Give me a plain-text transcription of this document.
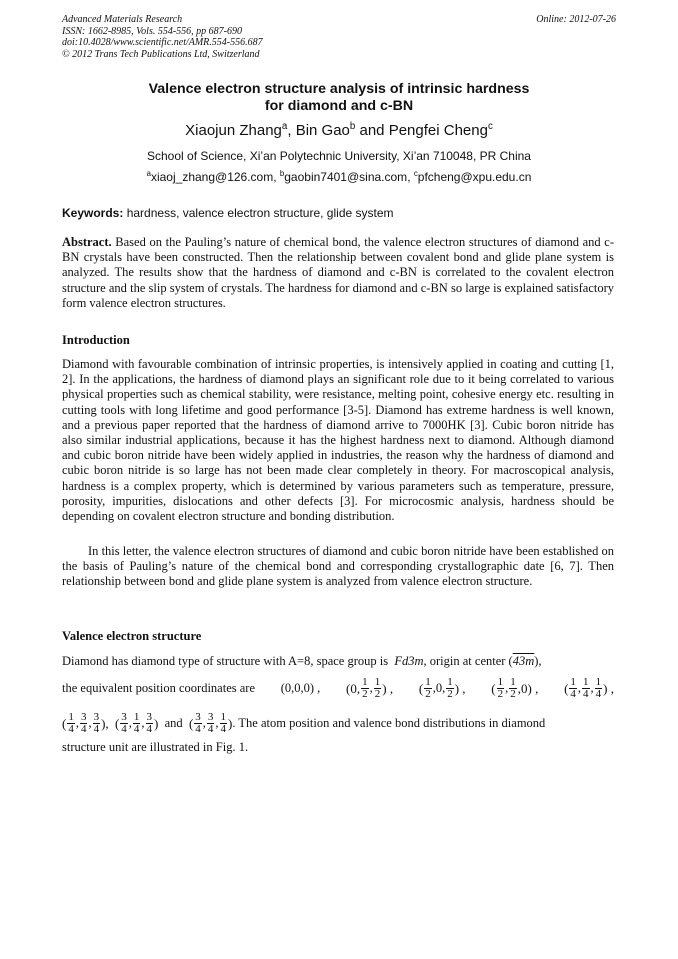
Advanced Materials Research
ISSN: 1662-8985, Vols. 554-556, pp 687-690
doi:10.4028/www.scientific.net/AMR.554-556.687
© 2012 Trans Tech Publications Ltd, Switzerland
Online: 2012-07-26
Valence electron structure analysis of intrinsic hardness
for diamond and c-BN
Xiaojun Zhang$^a$, Bin Gao$^b$ and Pengfei Cheng$^c$
School of Science, Xi’an Polytechnic University, Xi’an 710048, PR China
$^a$xiaoj_zhang@126.com, $^b$gaobin7401@sina.com, $^c$pfcheng@xpu.edu.cn
Keywords: hardness, valence electron structure, glide system

Abstract. Based on the Pauling’s nature of chemical bond, the valence electron structures of diamond and c-BN crystals have been constructed. Then the relationship between covalent bond and glide plane system is analyzed. The results show that the hardness of diamond and c-BN is correlated to the covalent electron structure and the slip system of crystals. The hardness for diamond and c-BN so large is explained satisfactory form valence electron structures.

Introduction

Diamond with favourable combination of intrinsic properties, is intensively applied in coating and cutting [1, 2]. In the applications, the hardness of diamond plays an significant role due to it being correlated to various physical properties such as chemical stability, were resistance, melting point, cohesive energy etc. resulting in cutting tools with long lifetime and good performance [3-5]. Diamond has extreme hardness is well known, and a previous paper reported that the hardness of diamond arrive to 7000HK [3]. Cubic boron nitride has also similar industrial applications, because it has the highest hardness next to diamond. Although diamond and cubic boron nitride have been widely applied in industries, the reason why the hardness of diamond and cubic boron nitride is so large has not been made clear completely in theory. For macroscopical analysis, hardness is a complex property, which is determined by various parameters such as temperature, pressure, porosity, impurities, dislocations and other defects [3]. For microcosmic analysis, hardness should be depending on covalent electron structure and bonding distribution.

In this letter, the valence electron structures of diamond and cubic boron nitride have been established on the basis of Pauling’s nature of the chemical bond and corresponding crystallographic date [6, 7]. Then relationship between bond and glide plane system is analyzed from valence electron structure.

Valence electron structure
Diamond has diamond type of structure with A=8, space group is Fd3m, origin at center (43m),
the equivalent position coordinates are (0,0,0) , (0, $\frac{1}{2}$ , $\frac{1}{2}$ ) , ( $\frac{1}{2} ,0$, $\frac{1}{2}$ ) , ( $\frac{1}{2}$ , $\frac{1}{2} ,0$) , ( $\frac{1}{4}$ , $\frac{1}{4}$ , $\frac{1}{4}$ ) ,
( $\frac{1}{4}$ , $\frac{3}{4}$ , $\frac{3}{4}$ ),
( $\frac{3}{4}$ , $\frac{1}{4}$ , $\frac{3}{4}$ ) and ( $\frac{3}{4}$ , $\frac{3}{4}$ , $\frac{1}{4}$ ) . The atom position and valence bond distributions in diamond
structure unit are illustrated in Fig. 1.
